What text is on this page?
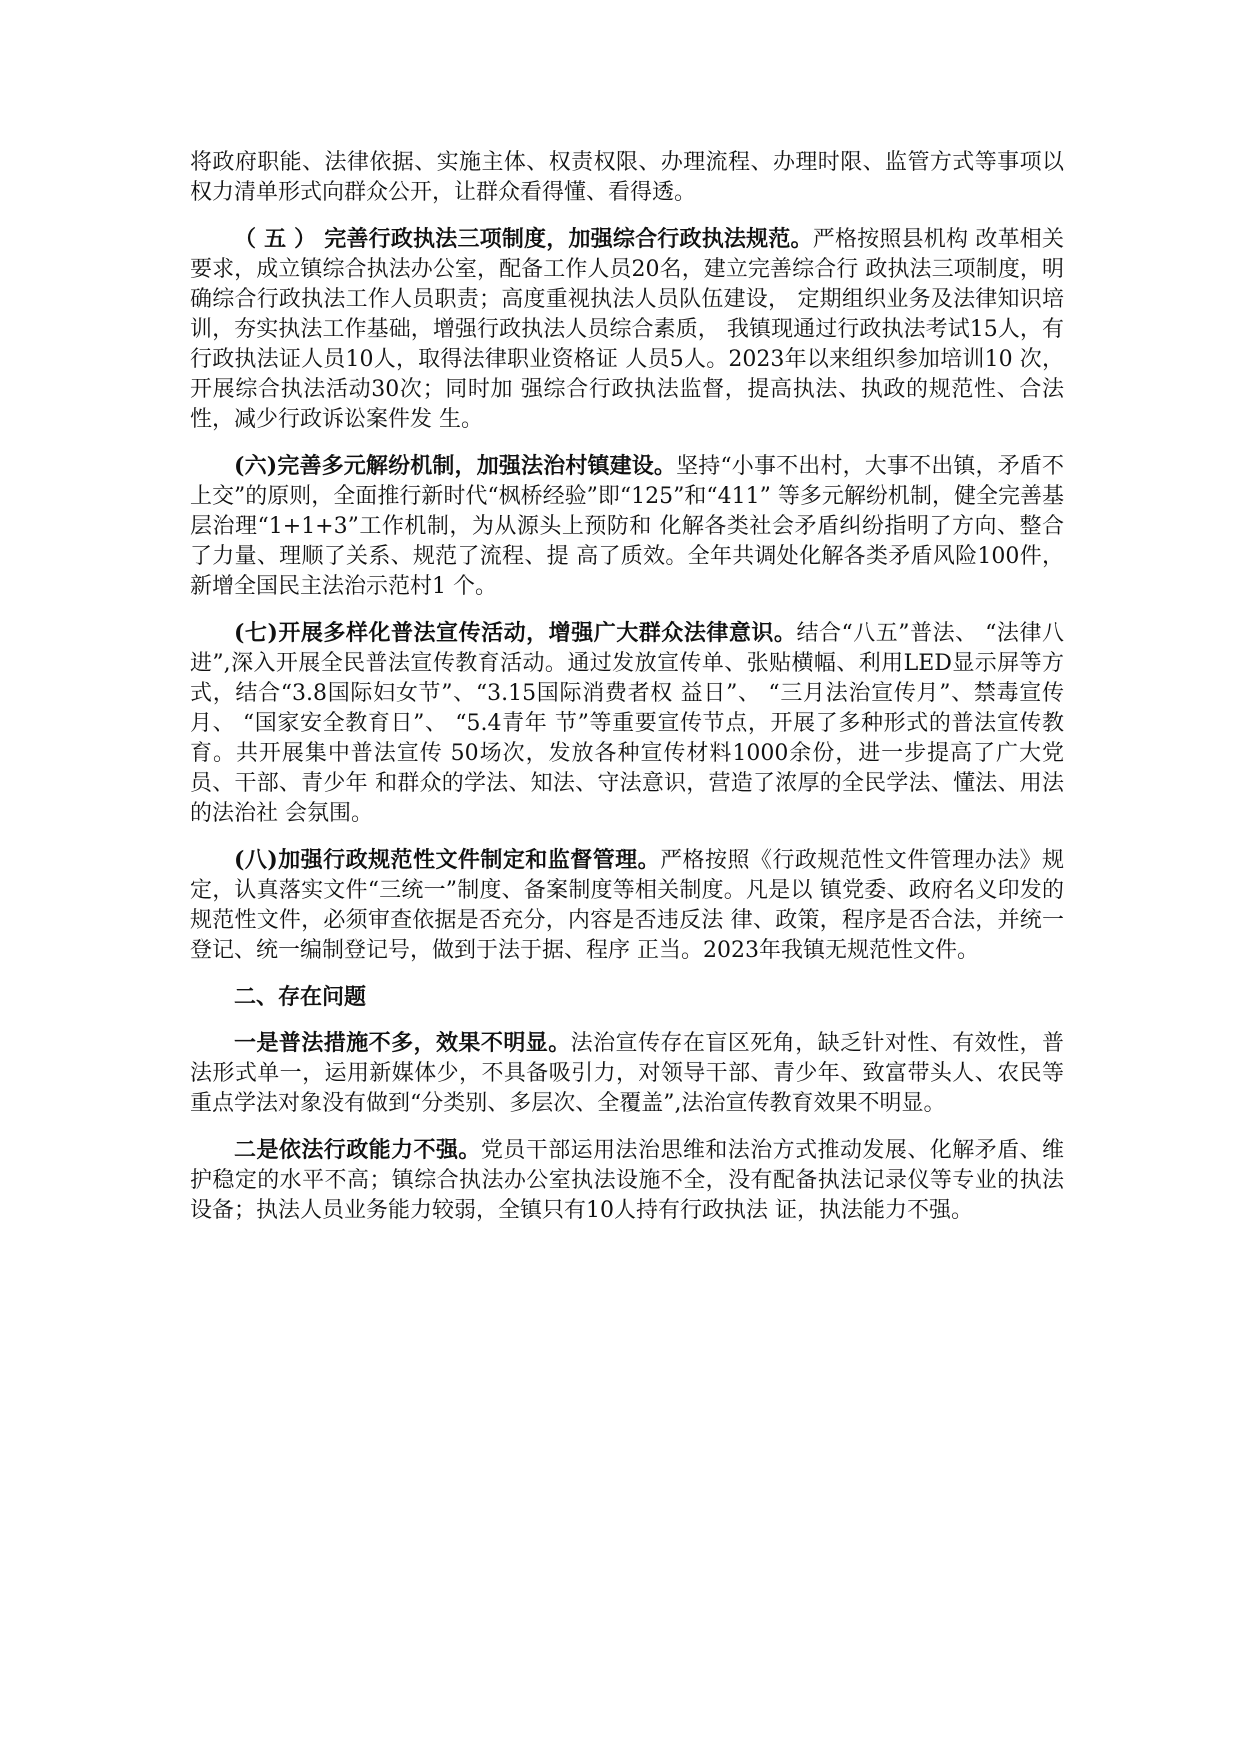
将政府职能、法律依据、实施主体、权责权限、办理流程、办理时限、监管方式等事项以权力清单形式向群众公开，让群众看得懂、看得透。

（ 五 ） 完善行政执法三项制度，加强综合行政执法规范。严格按照县机构 改革相关要求，成立镇综合执法办公室，配备工作人员20名，建立完善综合行 政执法三项制度，明确综合行政执法工作人员职责；高度重视执法人员队伍建设， 定期组织业务及法律知识培训，夯实执法工作基础，增强行政执法人员综合素质， 我镇现通过行政执法考试15人，有行政执法证人员10人，取得法律职业资格证 人员5人。2023年以来组织参加培训10 次，开展综合执法活动30次；同时加 强综合行政执法监督，提高执法、执政的规范性、合法性，减少行政诉讼案件发 生。

(六)完善多元解纷机制，加强法治村镇建设。坚持“小事不出村，大事不出镇，矛盾不上交”的原则，全面推行新时代“枫桥经验”即“125”和“411” 等多元解纷机制，健全完善基层治理“1+1+3”工作机制，为从源头上预防和 化解各类社会矛盾纠纷指明了方向、整合了力量、理顺了关系、规范了流程、提 高了质效。全年共调处化解各类矛盾风险100件，新增全国民主法治示范村1 个。

(七)开展多样化普法宣传活动，增强广大群众法律意识。结合“八五”普法、 “法律八进”,深入开展全民普法宣传教育活动。通过发放宣传单、张贴横幅、利用LED显示屏等方式，结合“3.8国际妇女节”、“3.15国际消费者权 益日”、 “三月法治宣传月”、禁毒宣传月、 “国家安全教育日”、 “5.4青年 节”等重要宣传节点，开展了多种形式的普法宣传教育。共开展集中普法宣传 50场次，发放各种宣传材料1000余份，进一步提高了广大党员、干部、青少年 和群众的学法、知法、守法意识，营造了浓厚的全民学法、懂法、用法的法治社 会氛围。

(八)加强行政规范性文件制定和监督管理。严格按照《行政规范性文件管理办法》规定，认真落实文件“三统一”制度、备案制度等相关制度。凡是以 镇党委、政府名义印发的规范性文件，必须审查依据是否充分，内容是否违反法 律、政策，程序是否合法，并统一登记、统一编制登记号，做到于法于据、程序 正当。2023年我镇无规范性文件。

二、存在问题

一是普法措施不多，效果不明显。法治宣传存在盲区死角，缺乏针对性、有效性，普法形式单一，运用新媒体少，不具备吸引力，对领导干部、青少年、致富带头人、农民等重点学法对象没有做到“分类别、多层次、全覆盖”,法治宣传教育效果不明显。

二是依法行政能力不强。党员干部运用法治思维和法治方式推动发展、化解矛盾、维护稳定的水平不高；镇综合执法办公室执法设施不全，没有配备执法记录仪等专业的执法设备；执法人员业务能力较弱，全镇只有10人持有行政执法 证，执法能力不强。
